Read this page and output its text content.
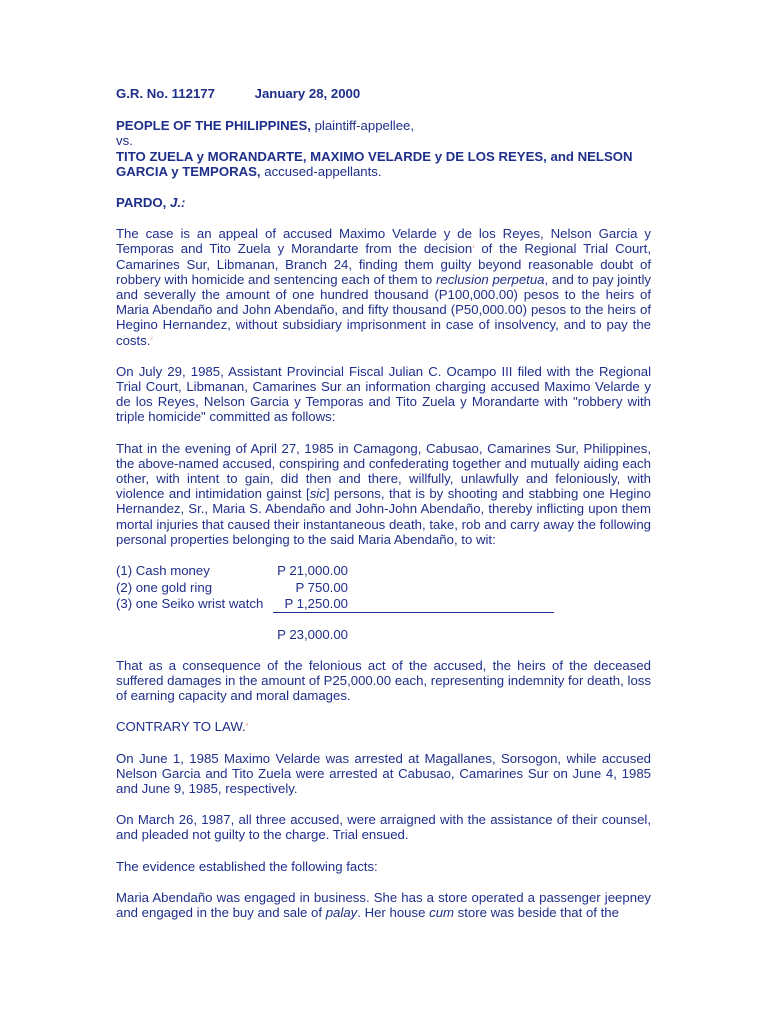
G.R. No. 112177	January 28, 2000
PEOPLE OF THE PHILIPPINES, plaintiff-appellee,
vs.
TITO ZUELA y MORANDARTE, MAXIMO VELARDE y DE LOS REYES, and NELSON GARCIA y TEMPORAS, accused-appellants.
PARDO, J.:
The case is an appeal of accused Maximo Velarde y de los Reyes, Nelson Garcia y Temporas and Tito Zuela y Morandarte from the decision$^1$ of the Regional Trial Court, Camarines Sur, Libmanan, Branch 24, finding them guilty beyond reasonable doubt of robbery with homicide and sentencing each of them to reclusion perpetua, and to pay jointly and severally the amount of one hundred thousand (P100,000.00) pesos to the heirs of Maria Abendaño and John Abendaño, and fifty thousand (P50,000.00) pesos to the heirs of Hegino Hernandez, without subsidiary imprisonment in case of insolvency, and to pay the costs.$^2$
On July 29, 1985, Assistant Provincial Fiscal Julian C. Ocampo III filed with the Regional Trial Court, Libmanan, Camarines Sur an information charging accused Maximo Velarde y de los Reyes, Nelson Garcia y Temporas and Tito Zuela y Morandarte with "robbery with triple homicide" committed as follows:
That in the evening of April 27, 1985 in Camagong, Cabusao, Camarines Sur, Philippines, the above-named accused, conspiring and confederating together and mutually aiding each other, with intent to gain, did then and there, willfully, unlawfully and feloniously, with violence and intimidation gainst [sic] persons, that is by shooting and stabbing one Hegino Hernandez, Sr., Maria S. Abendaño and John-John Abendaño, thereby inflicting upon them mortal injuries that caused their instantaneous death, take, rob and carry away the following personal properties belonging to the said Maria Abendaño, to wit:
(1) Cash money	P 21,000.00
(2) one gold ring	P 750.00
(3) one Seiko wrist watch	P 1,250.00
P 23,000.00
That as a consequence of the felonious act of the accused, the heirs of the deceased suffered damages in the amount of P25,000.00 each, representing indemnity for death, loss of earning capacity and moral damages.
CONTRARY TO LAW.$^3$
On June 1, 1985 Maximo Velarde was arrested at Magallanes, Sorsogon, while accused Nelson Garcia and Tito Zuela were arrested at Cabusao, Camarines Sur on June 4, 1985 and June 9, 1985, respectively.
On March 26, 1987, all three accused, were arraigned with the assistance of their counsel, and pleaded not guilty to the charge. Trial ensued.
The evidence established the following facts:
Maria Abendaño was engaged in business. She has a store operated a passenger jeepney and engaged in the buy and sale of palay. Her house cum store was beside that of the
